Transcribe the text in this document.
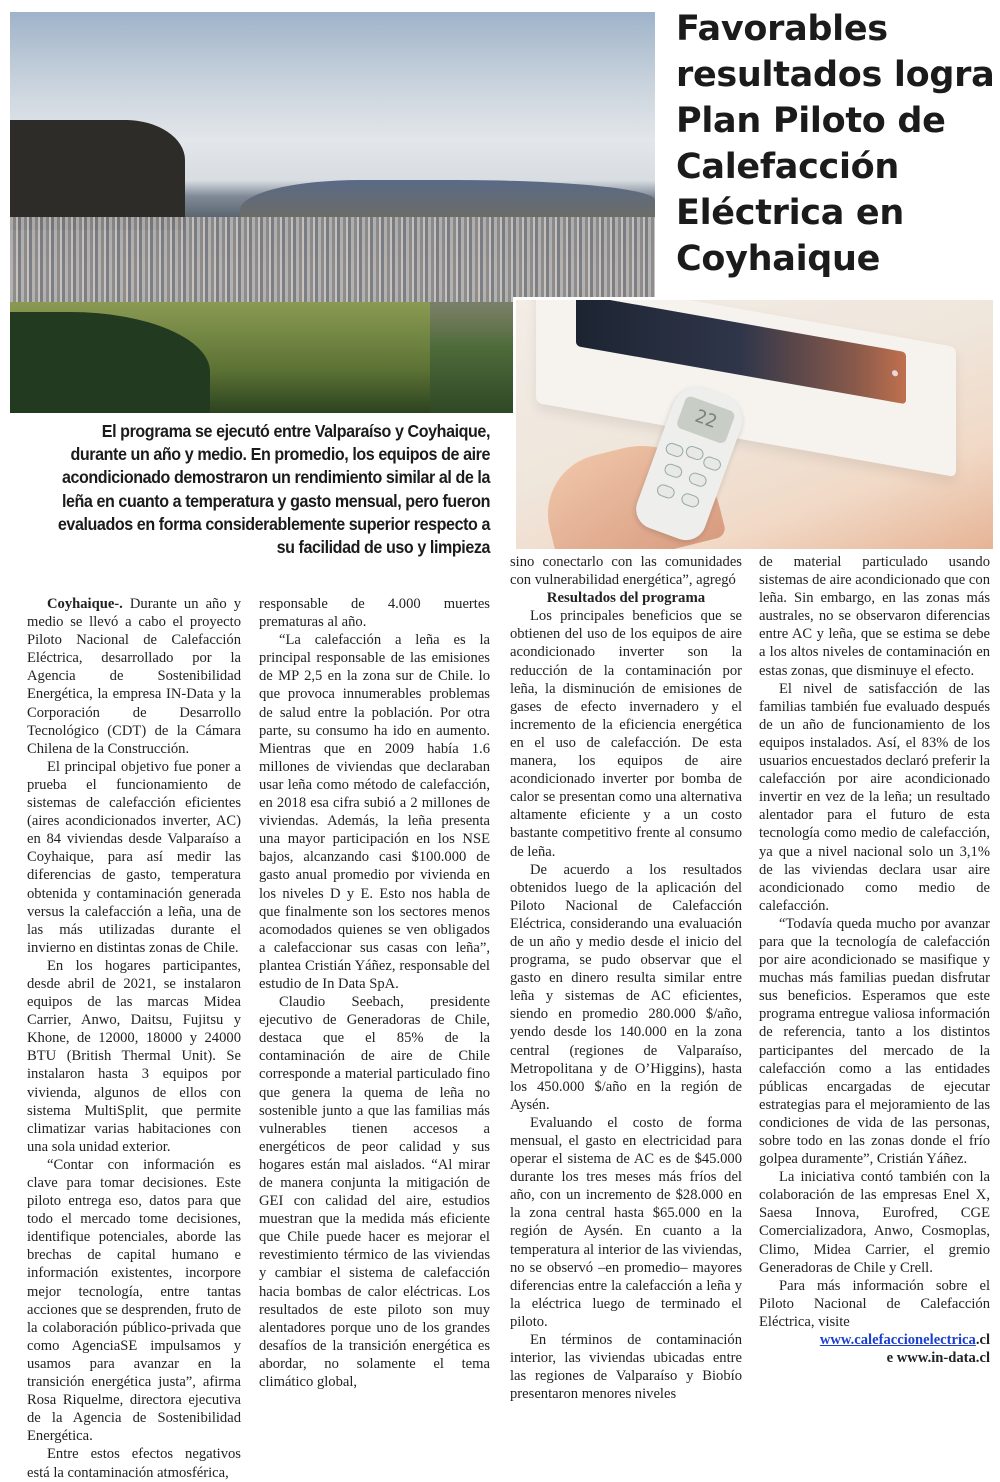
Favorables resultados logra Plan Piloto de Calefacción Eléctrica en Coyhaique
22

El programa se ejecutó entre Valparaíso y Coyhaique, durante un año y medio. En promedio, los equipos de aire acondicionado demostraron un rendimiento similar al de la leña en cuanto a temperatura y gasto mensual, pero fueron evaluados en forma considerablemente superior respecto a su facilidad de uso y limpieza

Coyhaique-. Durante un año y medio se llevó a cabo el proyecto Piloto Nacional de Calefacción Eléctrica, desarrollado por la Agencia de Sostenibilidad Energética, la empresa IN-Data y la Corporación de Desarrollo Tecnológico (CDT) de la Cámara Chilena de la Construcción.

El principal objetivo fue poner a prueba el funcionamiento de sistemas de calefacción eficientes (aires acondicionados inverter, AC) en 84 viviendas desde Valparaíso a Coyhaique, para así medir las diferencias de gasto, temperatura obtenida y contaminación generada versus la calefacción a leña, una de las más utilizadas durante el invierno en distintas zonas de Chile.

En los hogares participantes, desde abril de 2021, se instalaron equipos de las marcas Midea Carrier, Anwo, Daitsu, Fujitsu y Khone, de 12000, 18000 y 24000 BTU (British Thermal Unit). Se instalaron hasta 3 equipos por vivienda, algunos de ellos con sistema MultiSplit, que permite climatizar varias habitaciones con una sola unidad exterior.

“Contar con información es clave para tomar decisiones. Este piloto entrega eso, datos para que todo el mercado tome decisiones, identifique potenciales, aborde las brechas de capital humano e información existentes, incorpore mejor tecnología, entre tantas acciones que se desprenden, fruto de la colaboración público-privada que como AgenciaSE impulsamos y usamos para avanzar en la transición energética justa”, afirma Rosa Riquelme, directora ejecutiva de la Agencia de Sostenibilidad Energética.

Entre estos efectos negativos está la contaminación atmosférica,

responsable de 4.000 muertes prematuras al año.

“La calefacción a leña es la principal responsable de las emisiones de MP 2,5 en la zona sur de Chile. lo que provoca innumerables problemas de salud entre la población. Por otra parte, su consumo ha ido en aumento. Mientras que en 2009 había 1.6 millones de viviendas que declaraban usar leña como método de calefacción, en 2018 esa cifra subió a 2 millones de viviendas. Además, la leña presenta una mayor participación en los NSE bajos, alcanzando casi $100.000 de gasto anual promedio por vivienda en los niveles D y E. Esto nos habla de que finalmente son los sectores menos acomodados quienes se ven obligados a calefaccionar sus casas con leña”, plantea Cristián Yáñez, responsable del estudio de In Data SpA.

Claudio Seebach, presidente ejecutivo de Generadoras de Chile, destaca que el 85% de la contaminación de aire de Chile corresponde a material particulado fino que genera la quema de leña no sostenible junto a que las familias más vulnerables tienen accesos a energéticos de peor calidad y sus hogares están mal aislados. “Al mirar de manera conjunta la mitigación de GEI con calidad del aire, estudios muestran que la medida más eficiente que Chile puede hacer es mejorar el revestimiento térmico de las viviendas y cambiar el sistema de calefacción hacia bombas de calor eléctricas. Los resultados de este piloto son muy alentadores porque uno de los grandes desafíos de la transición energética es abordar, no solamente el tema climático global,

sino conectarlo con las comunidades con vulnerabilidad energética”, agregó

Resultados del programa

Los principales beneficios que se obtienen del uso de los equipos de aire acondicionado inverter son la reducción de la contaminación por leña, la disminución de emisiones de gases de efecto invernadero y el incremento de la eficiencia energética en el uso de calefacción. De esta manera, los equipos de aire acondicionado inverter por bomba de calor se presentan como una alternativa altamente eficiente y a un costo bastante competitivo frente al consumo de leña.

De acuerdo a los resultados obtenidos luego de la aplicación del Piloto Nacional de Calefacción Eléctrica, considerando una evaluación de un año y medio desde el inicio del programa, se pudo observar que el gasto en dinero resulta similar entre leña y sistemas de AC eficientes, siendo en promedio 280.000 $/año, yendo desde los 140.000 en la zona central (regiones de Valparaíso, Metropolitana y de O’Higgins), hasta los 450.000 $/año en la región de Aysén.

Evaluando el costo de forma mensual, el gasto en electricidad para operar el sistema de AC es de $45.000 durante los tres meses más fríos del año, con un incremento de $28.000 en la zona central hasta $65.000 en la región de Aysén. En cuanto a la temperatura al interior de las viviendas, no se observó –en promedio– mayores diferencias entre la calefacción a leña y la eléctrica luego de terminado el piloto.

En términos de contaminación interior, las viviendas ubicadas entre las regiones de Valparaíso y Biobío presentaron menores niveles

de material particulado usando sistemas de aire acondicionado que con leña. Sin embargo, en las zonas más australes, no se observaron diferencias entre AC y leña, que se estima se debe a los altos niveles de contaminación en estas zonas, que disminuye el efecto.

El nivel de satisfacción de las familias también fue evaluado después de un año de funcionamiento de los equipos instalados. Así, el 83% de los usuarios encuestados declaró preferir la calefacción por aire acondicionado invertir en vez de la leña; un resultado alentador para el futuro de esta tecnología como medio de calefacción, ya que a nivel nacional solo un 3,1% de las viviendas declara usar aire acondicionado como medio de calefacción.

“Todavía queda mucho por avanzar para que la tecnología de calefacción por aire acondicionado se masifique y muchas más familias puedan disfrutar sus beneficios. Esperamos que este programa entregue valiosa información de referencia, tanto a los distintos participantes del mercado de la calefacción como a las entidades públicas encargadas de ejecutar estrategias para el mejoramiento de las condiciones de vida de las personas, sobre todo en las zonas donde el frío golpea duramente”, Cristián Yáñez.

La iniciativa contó también con la colaboración de las empresas Enel X, Saesa Innova, Eurofred, CGE Comercializadora, Anwo, Cosmoplas, Climo, Midea Carrier, el gremio Generadoras de Chile y Crell.

Para más información sobre el Piloto Nacional de Calefacción Eléctrica, visite

www.calefaccionelectrica.cl

e www.in-data.cl
